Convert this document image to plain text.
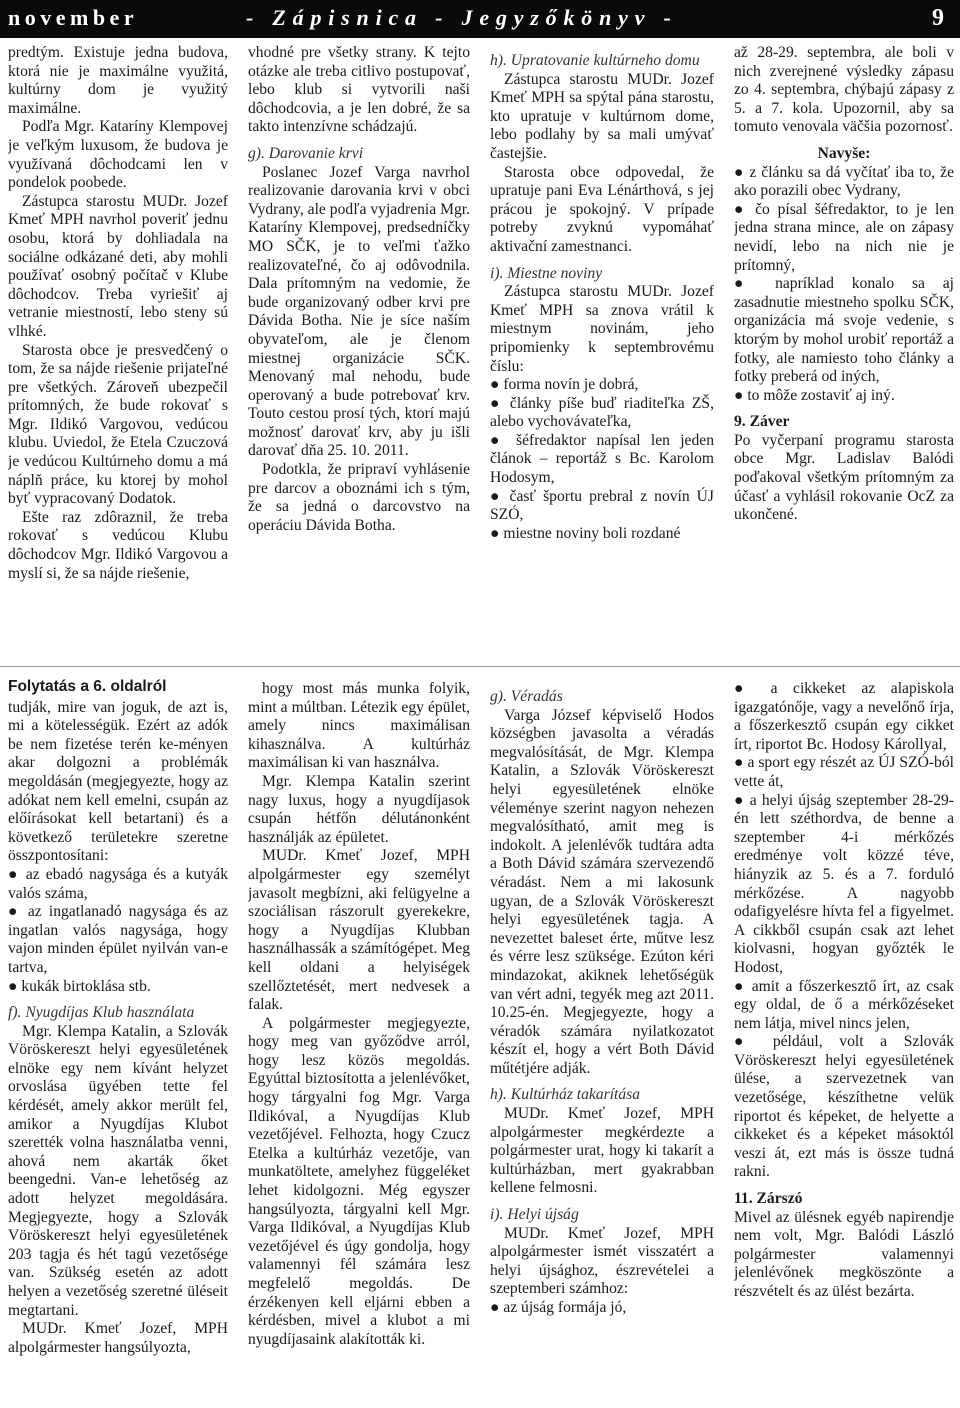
november	- Zápisnica - Jegyzőkönyv -	9

predtým. Existuje jedna budova, ktorá nie je maximálne využitá, kultúrny dom je využitý maximálne.

Podľa Mgr. Kataríny Klempovej je veľkým luxusom, že budova je využívaná dôchodcami len v pondelok poobede.

Zástupca starostu MUDr. Jozef Kmeť MPH navrhol poveriť jednu osobu, ktorá by dohliadala na sociálne odkázané deti, aby mohli používať osobný počítač v Klube dôchodcov. Treba vyriešiť aj vetranie miestností, lebo steny sú vlhké.

Starosta obce je presvedčený o tom, že sa nájde riešenie prijateľné pre všetkých. Zároveň ubezpečil prítomných, že bude rokovať s Mgr. Ildikó Vargovou, vedúcou klubu. Uviedol, že Etela Czuczová je vedúcou Kultúrneho domu a má náplň práce, ku ktorej by mohol byť vypracovaný Dodatok.

Ešte raz zdôraznil, že treba rokovať s vedúcou Klubu dôchodcov Mgr. Ildikó Vargovou a myslí si, že sa nájde riešenie,

vhodné pre všetky strany. K tejto otázke ale treba citlivo postupovať, lebo klub si vytvorili naši dôchodcovia, a je len dobré, že sa takto intenzívne schádzajú.

g). Darovanie krvi

Poslanec Jozef Varga navrhol realizovanie darovania krvi v obci Vydrany, ale podľa vyjadrenia Mgr. Kataríny Klempovej, predsedníčky MO SČK, je to veľmi ťažko realizovateľné, čo aj odôvodnila. Dala prítomným na vedomie, že bude organizovaný odber krvi pre Dávida Botha. Nie je síce naším obyvateľom, ale je členom miestnej organizácie SČK. Menovaný mal nehodu, bude operovaný a bude potrebovať krv. Touto cestou prosí tých, ktorí majú možnosť darovať krv, aby ju išli darovať dňa 25. 10. 2011.

Podotkla, že pripraví vyhlásenie pre darcov a oboznámi ich s tým, že sa jedná o darcovstvo na operáciu Dávida Botha.

h). Upratovanie kultúrneho domu

Zástupca starostu MUDr. Jozef Kmeť MPH sa spýtal pána starostu, kto upratuje v kultúrnom dome, lebo podlahy by sa mali umývať častejšie.

Starosta obce odpovedal, že upratuje pani Eva Lénárthová, s jej prácou je spokojný. V prípade potreby zvyknú vypomáhať aktivační zamestnanci.

i). Miestne noviny

Zástupca starostu MUDr. Jozef Kmeť MPH sa znova vrátil k miestnym novinám, jeho pripomienky k septembrovému číslu:

● forma novín je dobrá,

● články píše buď riaditeľka ZŠ, alebo vychovávateľka,

● šéfredaktor napísal len jeden článok – reportáž s Bc. Karolom Hodosym,

● časť športu prebral z novín ÚJ SZÓ,

● miestne noviny boli rozdané

až 28-29. septembra, ale boli v nich zverejnené výsledky zápasu zo 4. septembra, chýbajú zápasy z 5. a 7. kola. Upozornil, aby sa tomuto venovala väčšia pozornosť.

Navyše:

● z článku sa dá vyčítať iba to, že ako porazili obec Vydrany,

● čo písal šéfredaktor, to je len jedna strana mince, ale on zápasy nevidí, lebo na nich nie je prítomný,

● napríklad konalo sa aj zasadnutie miestneho spolku SČK, organizácia má svoje vedenie, s ktorým by mohol urobiť reportáž a fotky, ale namiesto toho články a fotky preberá od iných,

● to môže zostaviť aj iný.

9. Záver

Po vyčerpaní programu starosta obce Mgr. Ladislav Balódi poďakoval všetkým prítomným za účasť a vyhlásil rokovanie OcZ za ukončené.

Folytatás a 6. oldalról

tudják, mire van joguk, de azt is, mi a kötelességük. Ezért az adók be nem fizetése terén ke-ményen akar dolgozni a problémák megoldásán (megjegyezte, hogy az adókat nem kell emelni, csupán az előírásokat kell betartani) és a következő területekre szeretne összpontosítani:

● az ebadó nagysága és a kutyák valós száma,

● az ingatlanadó nagysága és az ingatlan valós nagysága, hogy vajon minden épület nyilván van-e tartva,

● kukák birtoklása stb.

f). Nyugdíjas Klub használata

Mgr. Klempa Katalin, a Szlovák Vöröskereszt helyi egyesületének elnöke egy nem kívánt helyzet orvoslása ügyében tette fel kérdését, amely akkor merült fel, amikor a Nyugdíjas Klubot szerették volna használatba venni, ahová nem akarták őket beengedni. Van-e lehetőség az adott helyzet megoldására. Megjegyezte, hogy a Szlovák Vöröskereszt helyi egyesületének 203 tagja és hét tagú vezetősége van. Szükség esetén az adott helyen a vezetőség szeretné üléseit megtartani.

MUDr. Kmeť Jozef, MPH alpolgármester hangsúlyozta,

hogy most más munka folyik, mint a múltban. Létezik egy épület, amely nincs maximálisan kihasználva. A kultúrház maximálisan ki van használva.

Mgr. Klempa Katalin szerint nagy luxus, hogy a nyugdíjasok csupán hétfőn délutánonként használják az épületet.

MUDr. Kmeť Jozef, MPH alpolgármester egy személyt javasolt megbízni, aki felügyelne a szociálisan rászorult gyerekekre, hogy a Nyugdíjas Klubban használhassák a számítógépet. Meg kell oldani a helyiségek szellőztetését, mert nedvesek a falak.

A polgármester megjegyezte, hogy meg van győződve arról, hogy lesz közös megoldás. Egyúttal biztosította a jelenlévőket, hogy tárgyalni fog Mgr. Varga Ildikóval, a Nyugdíjas Klub vezetőjével. Felhozta, hogy Czucz Etelka a kultúrház vezetője, van munkatöltete, amelyhez függeléket lehet kidolgozni. Még egyszer hangsúlyozta, tárgyalni kell Mgr. Varga Ildikóval, a Nyugdíjas Klub vezetőjével és úgy gondolja, hogy valamennyi fél számára lesz megfelelő megoldás. De érzékenyen kell eljárni ebben a kérdésben, mivel a klubot a mi nyugdíjasaink alakították ki.

g). Véradás

Varga József képviselő Hodos községben javasolta a véradás megvalósítását, de Mgr. Klempa Katalin, a Szlovák Vöröskereszt helyi egyesületének elnöke véleménye szerint nagyon nehezen megvalósítható, amit meg is indokolt. A jelenlévők tudtára adta a Both Dávid számára szervezendő véradást. Nem a mi lakosunk ugyan, de a Szlovák Vöröskereszt helyi egyesületének tagja. A nevezettet baleset érte, műtve lesz és vérre lesz szüksége. Ezúton kéri mindazokat, akiknek lehetőségük van vért adni, tegyék meg azt 2011. 10.25-én. Megjegyezte, hogy a véradók számára nyilatkozatot készít el, hogy a vért Both Dávid műtétjére adják.

h). Kultúrház takarítása

MUDr. Kmeť Jozef, MPH alpolgármester megkérdezte a polgármester urat, hogy ki takarít a kultúrházban, mert gyakrabban kellene felmosni.

i). Helyi újság

MUDr. Kmeť Jozef, MPH alpolgármester ismét visszatért a helyi újsághoz, észrevételei a szeptemberi számhoz:

● az újság formája jó,

● a cikkeket az alapiskola igazgatónője, vagy a nevelőnő írja, a főszerkesztő csupán egy cikket írt, riportot Bc. Hodosy Károllyal,

● a sport egy részét az ÚJ SZÓ-ból vette át,

● a helyi újság szeptember 28-29-én lett széthordva, de benne a szeptember 4-i mérkőzés eredménye volt közzé téve, hiányzik az 5. és a 7. forduló mérkőzése. A nagyobb odafigyelésre hívta fel a figyelmet. A cikkből csupán csak azt lehet kiolvasni, hogyan győzték le Hodost,

● amit a főszerkesztő írt, az csak egy oldal, de ő a mérkőzéseket nem látja, mivel nincs jelen,

● például, volt a Szlovák Vöröskereszt helyi egyesületének ülése, a szervezetnek van vezetősége, készíthetne velük riportot és képeket, de helyette a cikkeket és a képeket másoktól veszi át, ezt más is össze tudná rakni.

11. Zárszó

Mivel az ülésnek egyéb napirendje nem volt, Mgr. Balódi László polgármester valamennyi jelenlévőnek megköszönte a részvételt és az ülést bezárta.
